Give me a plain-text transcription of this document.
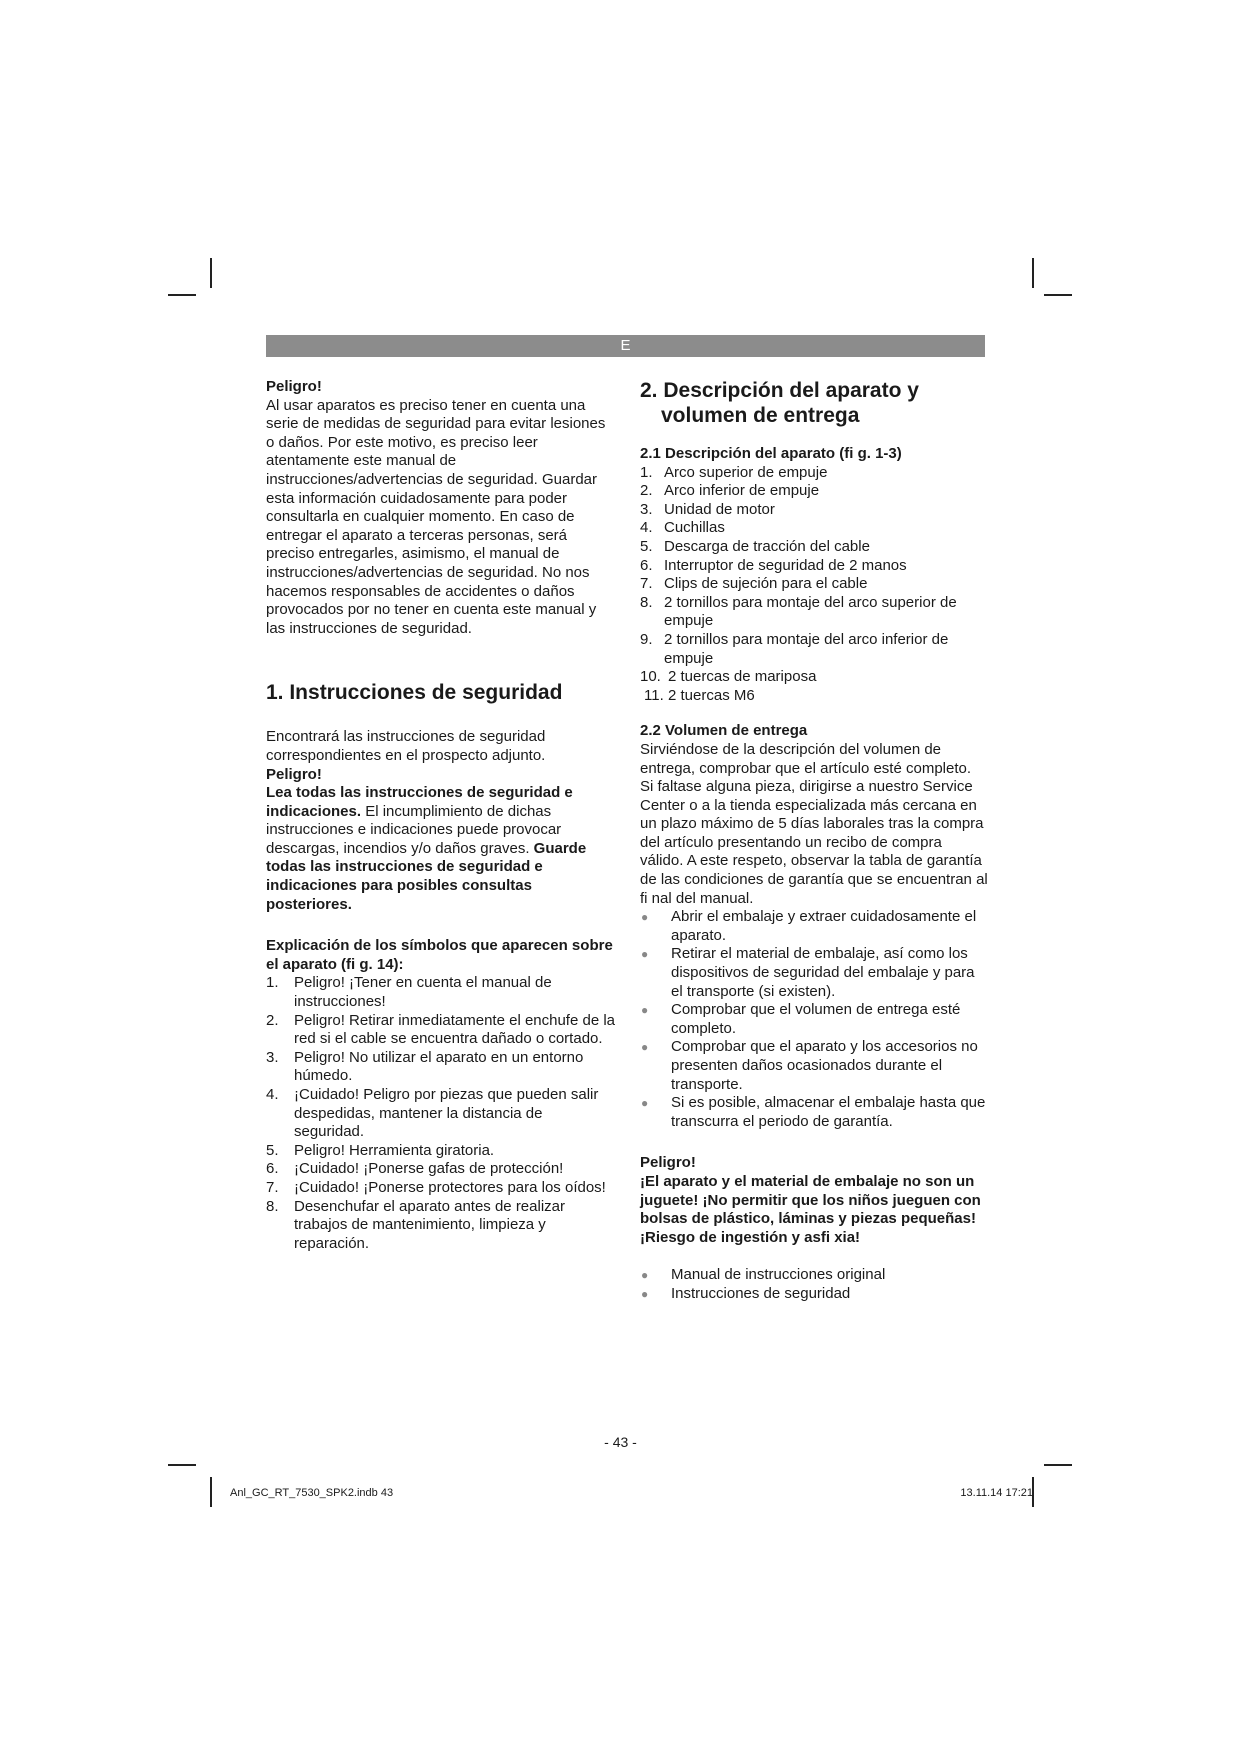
E

Peligro!

Al usar aparatos es preciso tener en cuenta una serie de medidas de seguridad para evitar lesiones o daños. Por este motivo, es preciso leer atentamente este manual de instrucciones/advertencias de seguridad. Guardar esta información cuidadosamente para poder consultarla en cualquier momento. En caso de entregar el aparato a terceras personas, será preciso entregarles, asimismo, el manual de instrucciones/advertencias de seguridad. No nos hacemos responsables de accidentes o daños provocados por no tener en cuenta este manual y las instrucciones de seguridad.

1. Instrucciones de seguridad

Encontrará las instrucciones de seguridad correspondientes en el prospecto adjunto.

Peligro!

Lea todas las instrucciones de seguridad e indicaciones. El incumplimiento de dichas instrucciones e indicaciones puede provocar descargas, incendios y/o daños graves. Guarde todas las instrucciones de seguridad e indicaciones para posibles consultas posteriores.

Explicación de los símbolos que aparecen sobre el aparato (fi g. 14):

1.	Peligro! ¡Tener en cuenta el manual de instrucciones!
2.	Peligro! Retirar inmediatamente el enchufe de la red si el cable se encuentra dañado o cortado.
3.	Peligro! No utilizar el aparato en un entorno húmedo.
4.	¡Cuidado! Peligro por piezas que pueden salir despedidas, mantener la distancia de seguridad.
5.	Peligro! Herramienta giratoria.
6.	¡Cuidado! ¡Ponerse gafas de protección!
7.	¡Cuidado! ¡Ponerse protectores para los oídos!
8.	Desenchufar el aparato antes de realizar trabajos de mantenimiento, limpieza y reparación.
2. Descripción del aparato y
volumen de entrega

2.1 Descripción del aparato (fi g. 1-3)

1. Arco superior de empuje
2. Arco inferior de empuje
3. Unidad de motor
4. Cuchillas
5. Descarga de tracción del cable
6. Interruptor de seguridad de 2 manos
7. Clips de sujeción para el cable
8. 2 tornillos para montaje del arco superior de empuje
9. 2 tornillos para montaje del arco inferior de empuje
10. 2 tuercas de mariposa
11. 2 tuercas M6

2.2 Volumen de entrega

Sirviéndose de la descripción del volumen de entrega, comprobar que el artículo esté completo. Si faltase alguna pieza, dirigirse a nuestro Service Center o a la tienda especializada más cercana en un plazo máximo de 5 días laborales tras la compra del artículo presentando un recibo de compra válido. A este respeto, observar la tabla de garantía de las condiciones de garantía que se encuentran al fi nal del manual.

●	Abrir el embalaje y extraer cuidadosamente el aparato.
●	Retirar el material de embalaje, así como los dispositivos de seguridad del embalaje y para el transporte (si existen).
●	Comprobar que el volumen de entrega esté completo.
●	Comprobar que el aparato y los accesorios no presenten daños ocasionados durante el transporte.
●	Si es posible, almacenar el embalaje hasta que transcurra el periodo de garantía.

Peligro!

¡El aparato y el material de embalaje no son un juguete! ¡No permitir que los niños jueguen con bolsas de plástico, láminas y piezas pequeñas! ¡Riesgo de ingestión y asfi xia!

●	Manual de instrucciones original
●	Instrucciones de seguridad
- 43 -
Anl_GC_RT_7530_SPK2.indb 43	13.11.14 17:21
